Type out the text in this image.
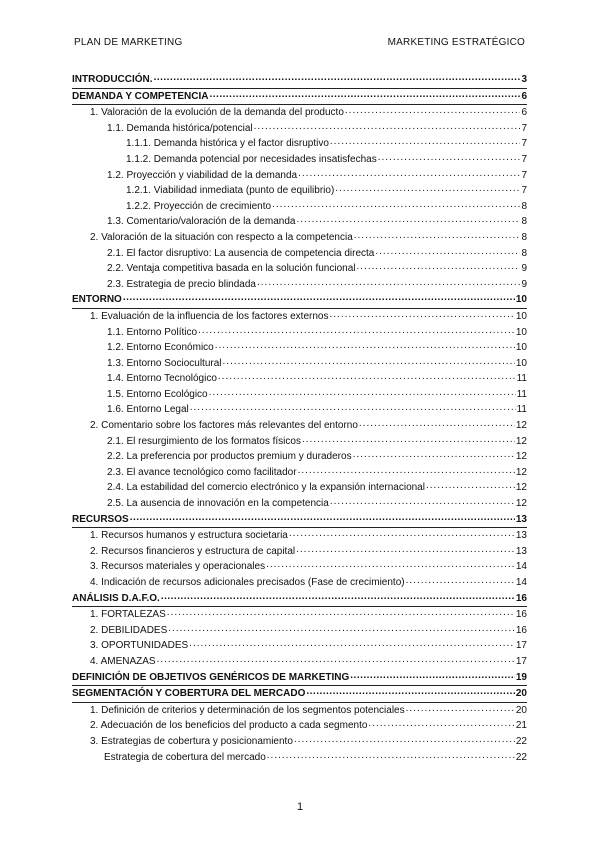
PLAN DE MARKETING	MARKETING ESTRATÉGICO
INTRODUCCIÓN. .....	3
DEMANDA Y COMPETENCIA .....	6
1. Valoración de la evolución de la demanda del producto .....	6
1.1. Demanda histórica/potencial .....	7
1.1.1. Demanda histórica y el factor disruptivo .....	7
1.1.2. Demanda potencial por necesidades insatisfechas .....	7
1.2. Proyección y viabilidad de la demanda .....	7
1.2.1. Viabilidad inmediata (punto de equilibrio) .....	7
1.2.2. Proyección de crecimiento .....	8
1.3. Comentario/valoración de la demanda .....	8
2. Valoración de la situación con respecto a la competencia .....	8
2.1. El factor disruptivo: La ausencia de competencia directa .....	8
2.2. Ventaja competitiva basada en la solución funcional .....	9
2.3. Estrategia de precio blindada .....	9
ENTORNO .....	10
1. Evaluación de la influencia de los factores externos .....	10
1.1. Entorno Político .....	10
1.2. Entorno Económico .....	10
1.3. Entorno Sociocultural .....	10
1.4. Entorno Tecnológico .....	11
1.5. Entorno Ecológico .....	11
1.6. Entorno Legal .....	11
2. Comentario sobre los factores más relevantes del entorno .....	12
2.1. El resurgimiento de los formatos físicos .....	12
2.2. La preferencia por productos premium y duraderos .....	12
2.3. El avance tecnológico como facilitador .....	12
2.4. La estabilidad del comercio electrónico y la expansión internacional .....	12
2.5. La ausencia de innovación en la competencia .....	12
RECURSOS .....	13
1. Recursos humanos y estructura societaria .....	13
2. Recursos financieros y estructura de capital .....	13
3. Recursos materiales y operacionales .....	14
4. Indicación de recursos adicionales precisados (Fase de crecimiento) .....	14
ANÁLISIS D.A.F.O. .....	16
1. FORTALEZAS .....	16
2. DEBILIDADES .....	16
3. OPORTUNIDADES .....	17
4. AMENAZAS .....	17
DEFINICIÓN DE OBJETIVOS GENÉRICOS DE MARKETING .....	19
SEGMENTACIÓN Y COBERTURA DEL MERCADO .....	20
1. Definición de criterios y determinación de los segmentos potenciales .....	20
2. Adecuación de los beneficios del producto a cada segmento .....	21
3. Estrategias de cobertura y posicionamiento .....	22
Estrategia de cobertura del mercado .....	22
1
